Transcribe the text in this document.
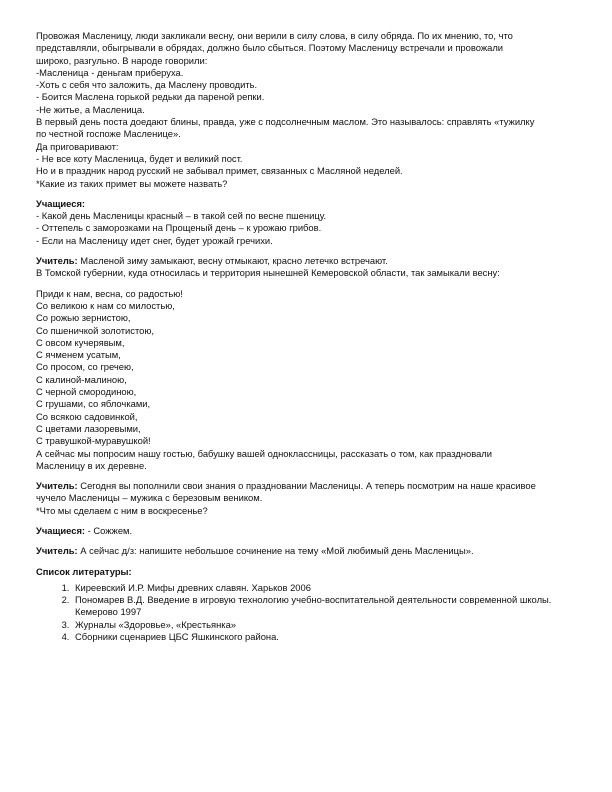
Провожая Масленицу, люди закликали весну, они верили в силу слова, в силу обряда. По их мнению, то, что
представляли, обыгрывали в обрядах, должно было сбыться. Поэтому Масленицу встречали и провожали
широко, разгульно. В народе говорили:
-Масленица - деньгам приберуха.
-Хоть с себя что заложить, да Маслену проводить.
- Боится Маслена горькой редьки да пареной репки.
-Не житье, а Масленица.
В первый день поста доедают блины, правда, уже с подсолнечным маслом. Это называлось: справлять «тужилку
по честной госпоже Масленице».
Да приговаривают:
- Не все коту Масленица, будет и великий пост.
Но и в праздник народ русский не забывал примет, связанных с Масляной неделей.
*Какие из таких примет вы можете назвать?
Учащиеся:
- Какой день Масленицы красный – в такой сей по весне пшеницу.
- Оттепель с заморозками на Прощеный день – к урожаю грибов.
- Если на Масленицу идет снег, будет урожай гречихи.
Учитель: Масленой зиму замыкают, весну отмыкают, красно летечко встречают.
В Томской губернии, куда относилась и территория нынешней Кемеровской области, так замыкали весну:
Приди к нам, весна, со радостью!
Со великою к нам со милостью,
Со рожью зернистою,
Со пшеничкой золотистою,
С овсом кучерявым,
С ячменем усатым,
Со просом, со гречею,
С калиной-малиною,
С черной смородиною,
С грушами, со яблочками,
Со всякою садовинкой,
С цветами лазоревыми,
С травушкой-муравушкой!
А сейчас мы попросим нашу гостью, бабушку вашей одноклассницы, рассказать о том, как праздновали
Масленицу в их деревне.
Учитель: Сегодня вы пополнили свои знания о праздновании Масленицы. А теперь посмотрим на наше красивое
чучело Масленицы – мужика с березовым веником.
*Что мы сделаем с ним в воскресенье?
Учащиеся: - Сожжем.
Учитель: А сейчас д/з: напишите небольшое сочинение на тему «Мой любимый день Масленицы».
Список литературы:
1. Киреевский И.Р. Мифы древних славян. Харьков 2006
2. Пономарев В.Д. Введение в игровую технологию учебно-воспитательной деятельности современной школы. Кемерово 1997
3. Журналы «Здоровье», «Крестьянка»
4. Сборники сценариев ЦБС Яшкинского района.
